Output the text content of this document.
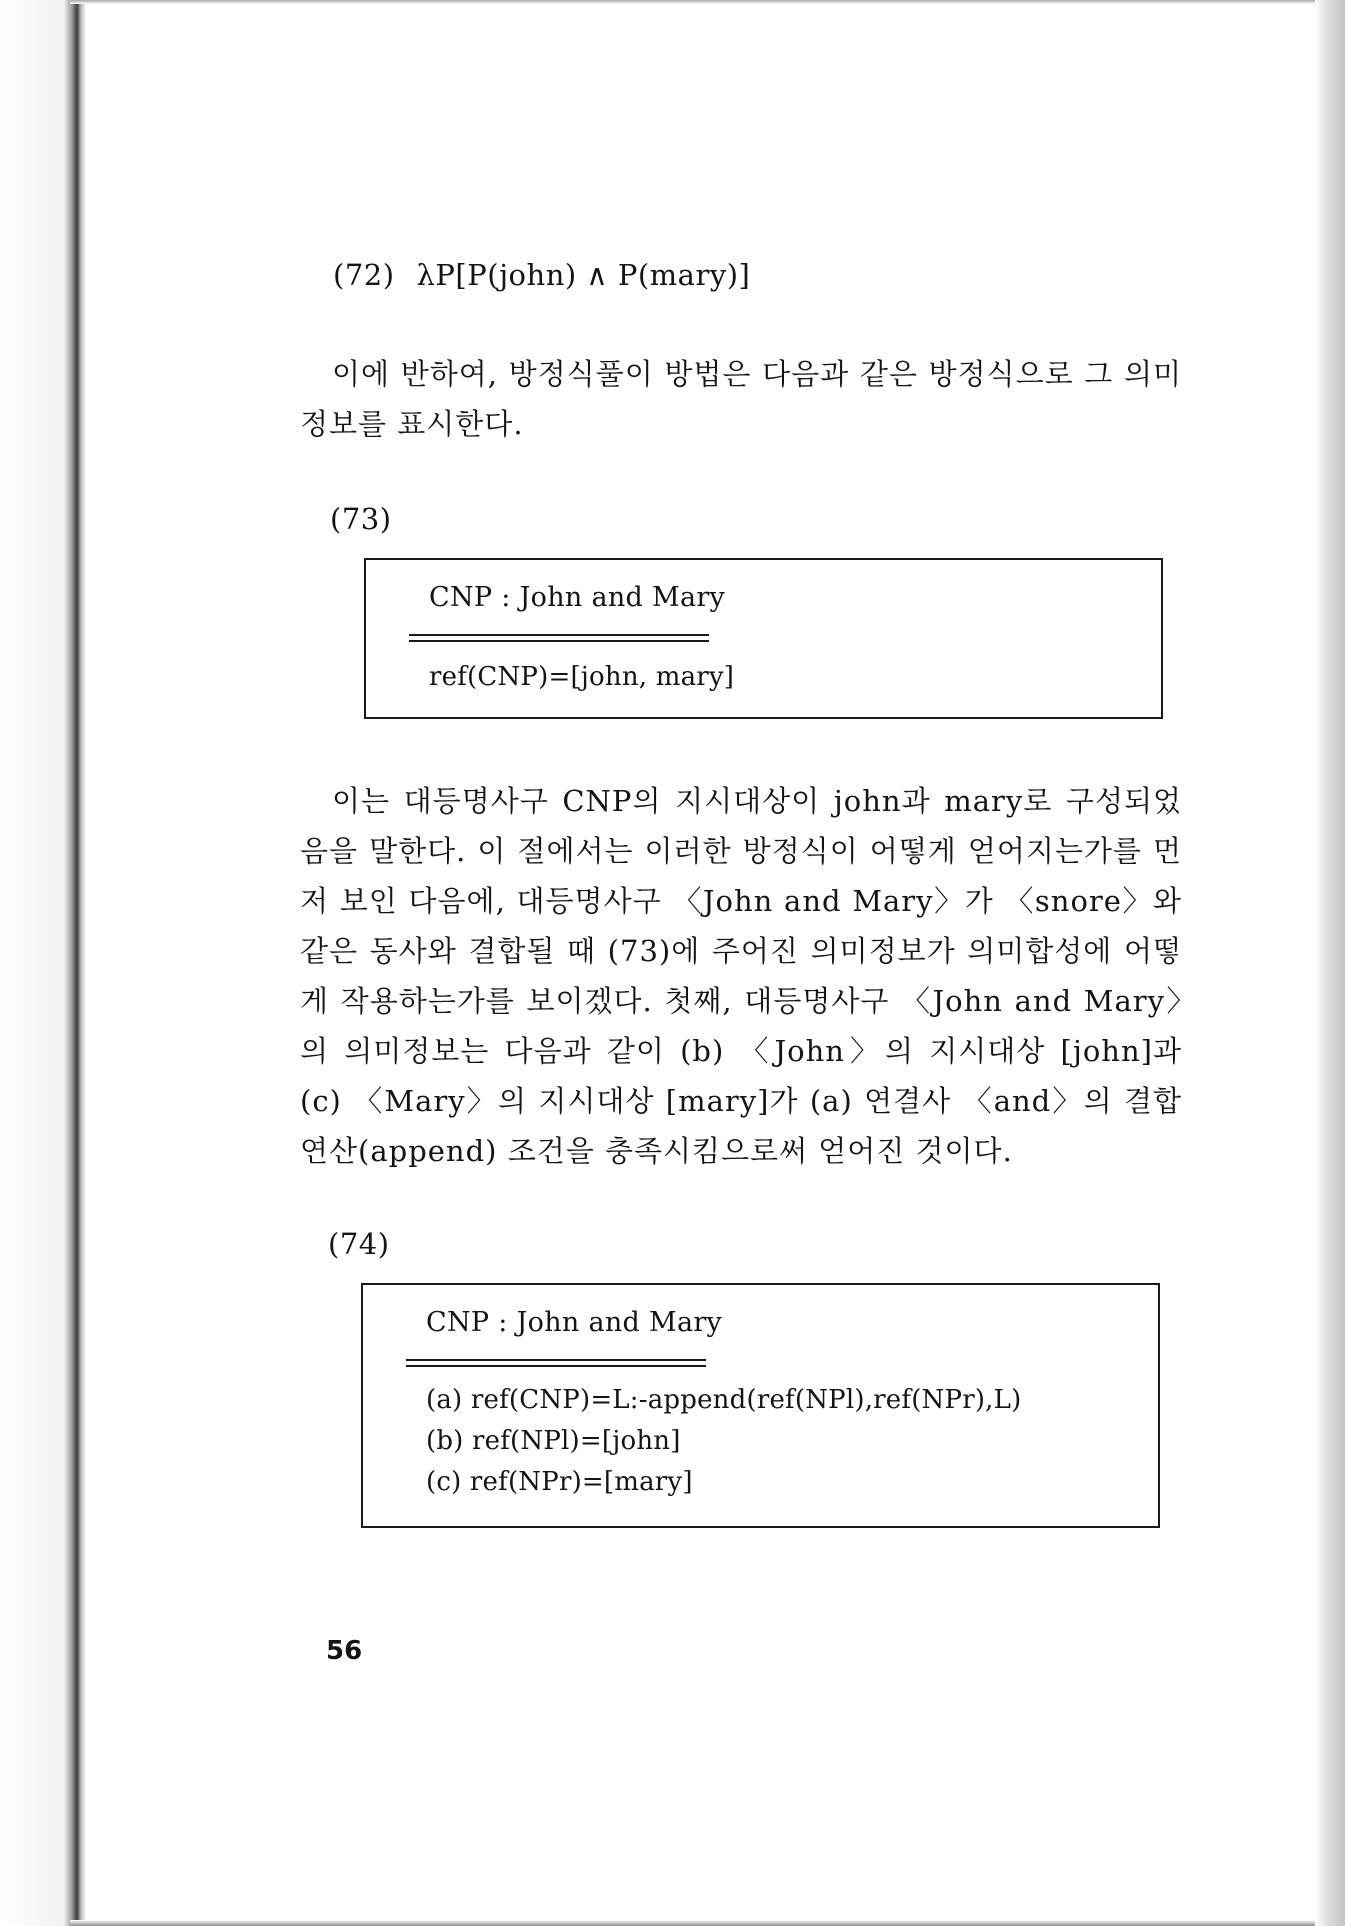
(72) λP[P(john) ∧ P(mary)]
이에 반하여, 방정식풀이 방법은 다음과 같은 방정식으로 그 의미정보를 표시한다.
(73)
CNP : John and Mary
ref(CNP)=[john, mary]
이는 대등명사구 CNP의 지시대상이 john과 mary로 구성되었음을 말한다. 이 절에서는 이러한 방정식이 어떻게 얻어지는가를 먼저 보인 다음에, 대등명사구 〈John and Mary〉가 〈snore〉와 같은 동사와 결합될 때 (73)에 주어진 의미정보가 의미합성에 어떻게 작용하는가를 보이겠다. 첫째, 대등명사구 〈John and Mary〉의 의미정보는 다음과 같이 (b) 〈John〉의 지시대상 [john]과 (c) 〈Mary〉의 지시대상 [mary]가 (a) 연결사 〈and〉의 결합연산(append) 조건을 충족시킴으로써 얻어진 것이다.
(74)
CNP : John and Mary
(a) ref(CNP)=L:-append(ref(NPl),ref(NPr),L)
(b) ref(NPl)=[john]
(c) ref(NPr)=[mary]
56
